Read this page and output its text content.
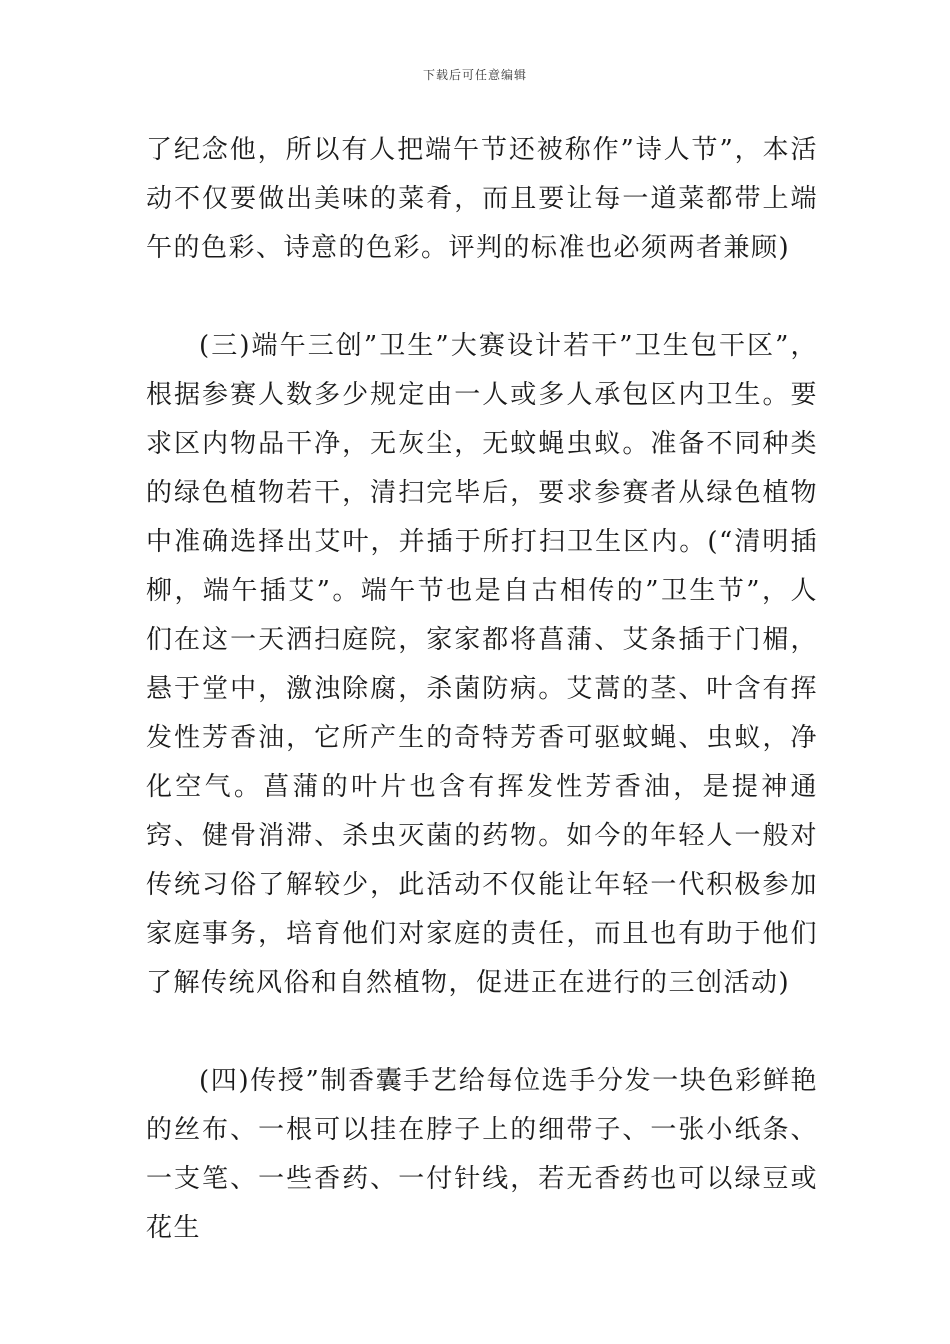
下载后可任意编辑

了纪念他，所以有人把端午节还被称作”诗人节”，本活动不仅要做出美味的菜肴，而且要让每一道菜都带上端午的色彩、诗意的色彩。评判的标准也必须两者兼顾)

(三)端午三创”卫生”大赛设计若干”卫生包干区”，根据参赛人数多少规定由一人或多人承包区内卫生。要求区内物品干净，无灰尘，无蚊蝇虫蚁。准备不同种类的绿色植物若干，清扫完毕后，要求参赛者从绿色植物中准确选择出艾叶，并插于所打扫卫生区内。(“清明插柳，端午插艾”。端午节也是自古相传的”卫生节”，人们在这一天洒扫庭院，家家都将菖蒲、艾条插于门楣，悬于堂中，激浊除腐，杀菌防病。艾蒿的茎、叶含有挥发性芳香油，它所产生的奇特芳香可驱蚊蝇、虫蚁，净化空气。菖蒲的叶片也含有挥发性芳香油，是提神通窍、健骨消滞、杀虫灭菌的药物。如今的年轻人一般对传统习俗了解较少，此活动不仅能让年轻一代积极参加家庭事务，培育他们对家庭的责任，而且也有助于他们了解传统风俗和自然植物，促进正在进行的三创活动)

(四)传授”制香囊手艺给每位选手分发一块色彩鲜艳的丝布、一根可以挂在脖子上的细带子、一张小纸条、一支笔、一些香药、一付针线，若无香药也可以绿豆或花生
